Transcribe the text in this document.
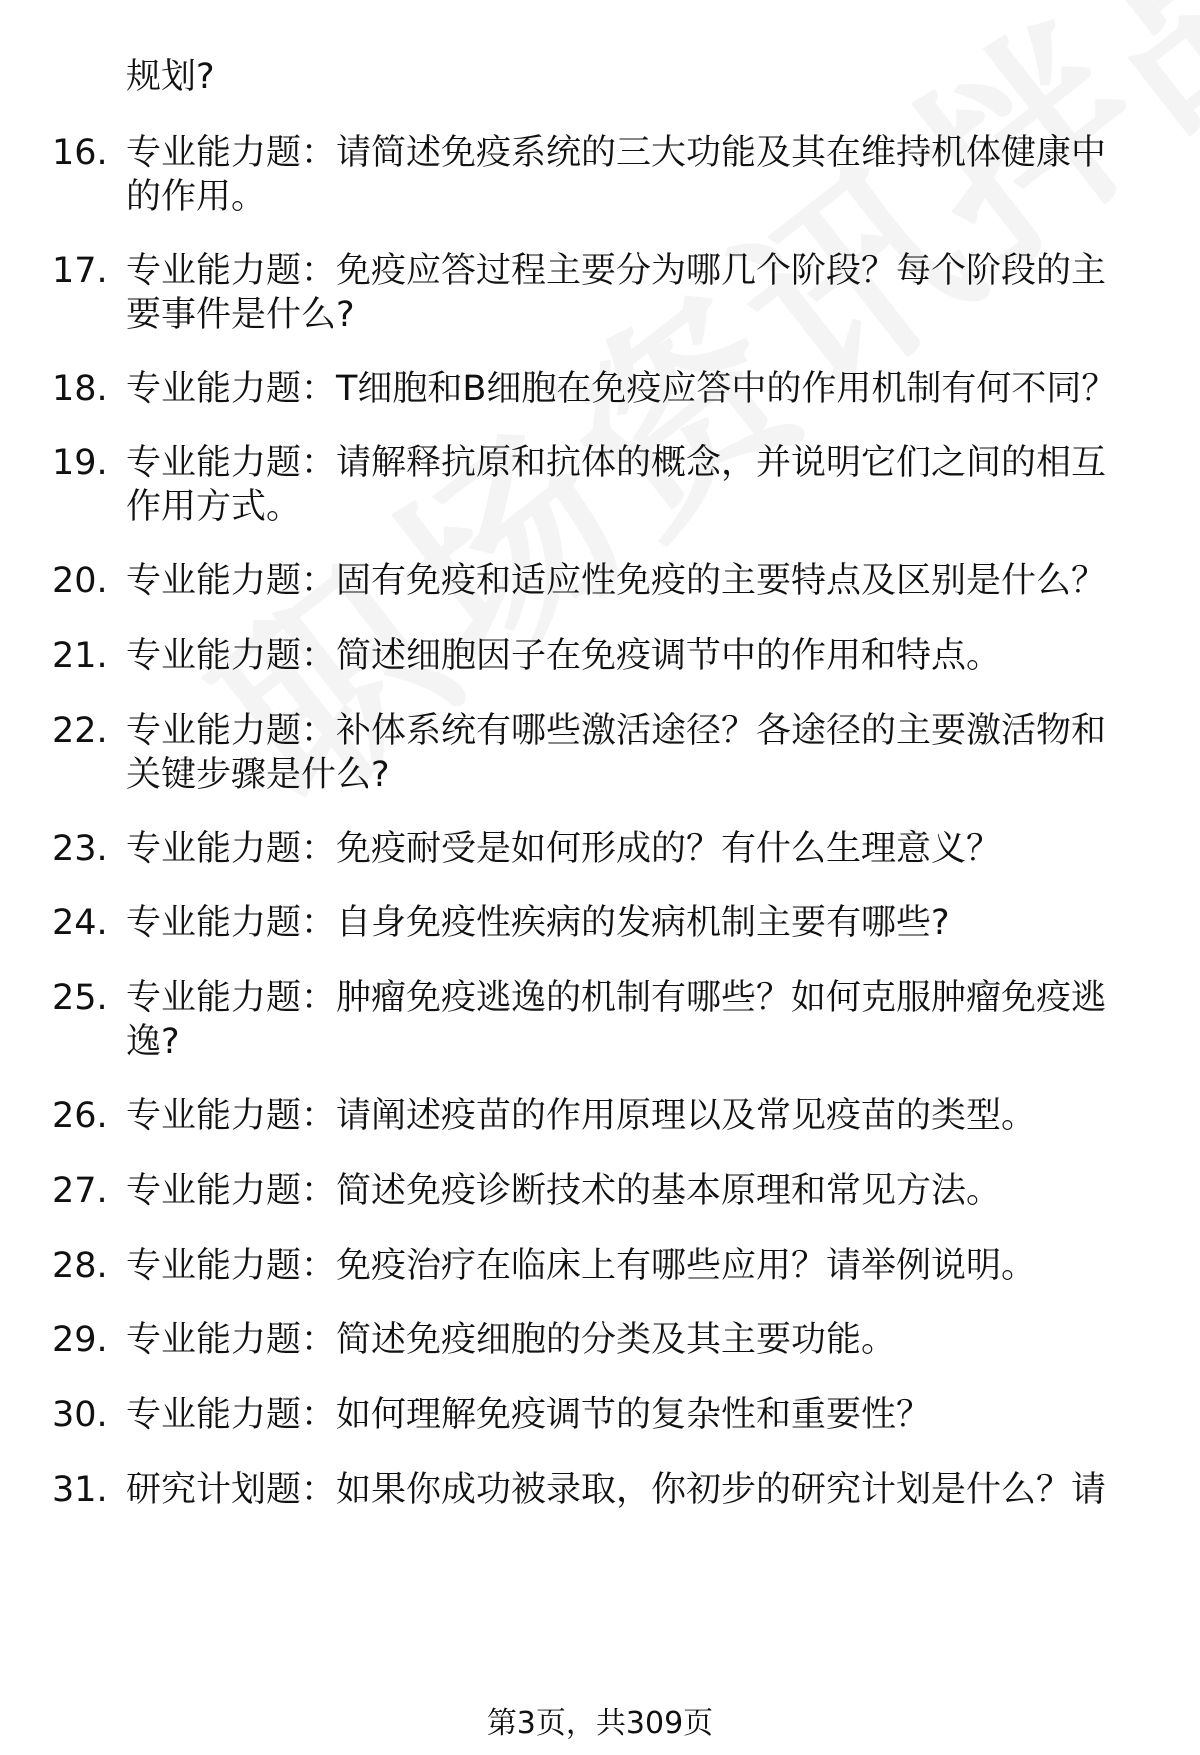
规划?
16. 专业能力题：请简述免疫系统的三大功能及其在维持机体健康中
的作用。
17. 专业能力题：免疫应答过程主要分为哪几个阶段？每个阶段的主
要事件是什么?
18. 专业能力题：T细胞和B细胞在免疫应答中的作用机制有何不同？
19. 专业能力题：请解释抗原和抗体的概念，并说明它们之间的相互
作用方式。
20. 专业能力题：固有免疫和适应性免疫的主要特点及区别是什么？
21. 专业能力题：简述细胞因子在免疫调节中的作用和特点。
22. 专业能力题：补体系统有哪些激活途径？各途径的主要激活物和
关键步骤是什么?
23. 专业能力题：免疫耐受是如何形成的？有什么生理意义？
24. 专业能力题：自身免疫性疾病的发病机制主要有哪些?
25. 专业能力题：肿瘤免疫逃逸的机制有哪些？如何克服肿瘤免疫逃
逸?
26. 专业能力题：请阐述疫苗的作用原理以及常见疫苗的类型。
27. 专业能力题：简述免疫诊断技术的基本原理和常见方法。
28. 专业能力题：免疫治疗在临床上有哪些应用？请举例说明。
29. 专业能力题：简述免疫细胞的分类及其主要功能。
30. 专业能力题：如何理解免疫调节的复杂性和重要性？
31. 研究计划题：如果你成功被录取，你初步的研究计划是什么？请
第3页，共309页
